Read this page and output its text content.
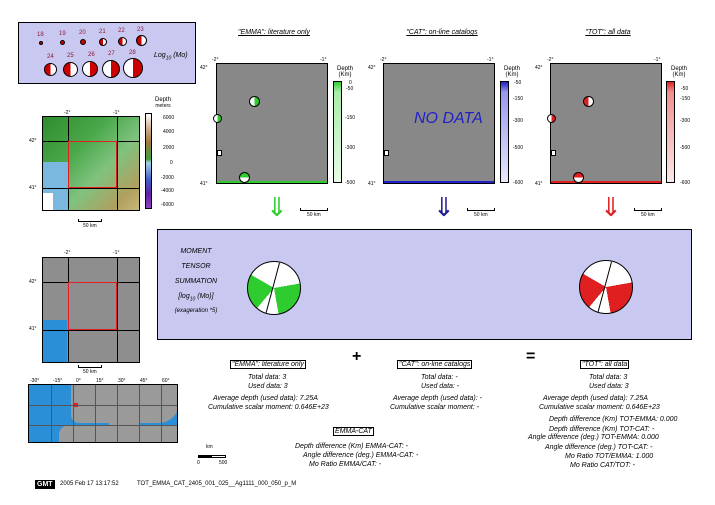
18	19 20 21 22 23
24 25 26 27 28	Log$_{10}$ (Mo)
"EMMA": literature only
-2°	-1°
42°
41°
Depth (Km)
0
-50
-150
-300
-500
⇓	50 km
"CAT": on-line catalogs
NO DATA
-2°	-1°
42°
41°
Depth (Km)
-50
-150
-300
-500
-600
⇓	50 km
"TOT": all data
-2°	-1°
42°
41°
Depth (Km)
-50
-150
-300
-500
-600
⇓	50 km
-2°	-1°
42°
41°
50 km
Depth
meters
6000
4000
2000
0
-2000
-4000
-6000
-2°	-1°
42°
41°
50 km
-30°	-15°	0°	15°	30°	45°	60°
km
0	500
MOMENT
TENSOR
SUMMATION
[$\log_{10}$ (Mo)]
(exageration *5)
+	=
"EMMA": literature only
Total data: 3
Used data: 3
Average depth (used data): 7.25A
Cumulative scalar moment: 0.646E+23
"CAT": on-line catalogs
Total data: -
Used data: -
Average depth (used data): -
Cumulative scalar moment: -
"TOT": all data
Total data: 3
Used data: 3
Average depth (used data): 7.25A
Cumulative scalar moment: 0.646E+23
Depth difference (Km) TOT-EMMA: 0.000
Depth difference (Km) TOT-CAT: -
Angle difference (deg.) TOT-EMMA: 0.000
Angle difference (deg.) TOT-CAT: -
Mo Ratio TOT/EMMA: 1.000
Mo Ratio CAT/TOT: -
EMMA-CAT
Depth difference (Km) EMMA-CAT: -
Angle difference (deg.) EMMA-CAT: -
Mo Ratio EMMA/CAT: -
GMT	2005 Feb 17 13:17:52	TOT_EMMA_CAT_2405_001_025__Ag1111_000_050_p_M
